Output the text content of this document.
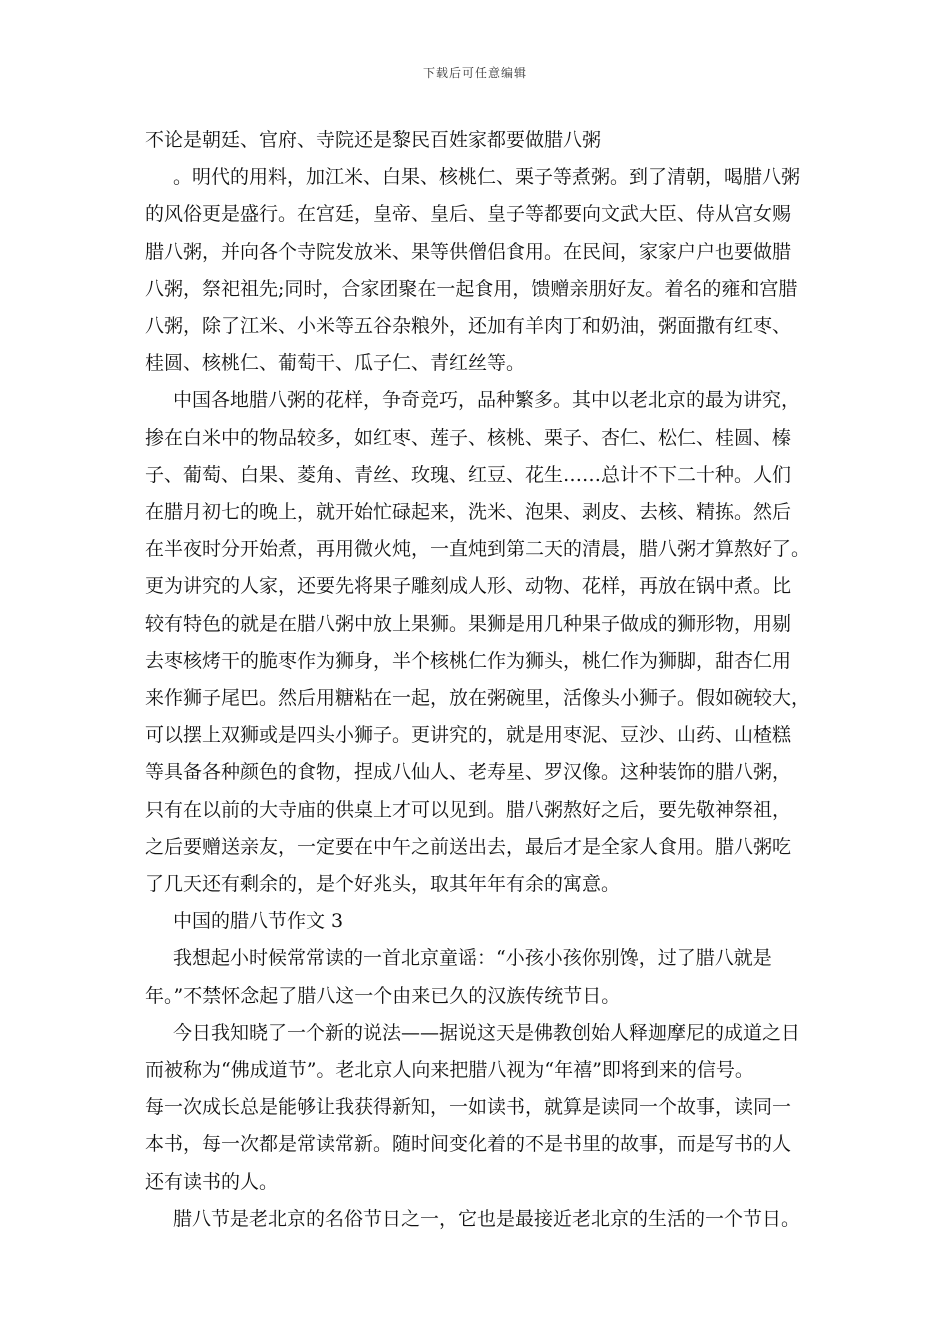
下载后可任意编辑

不论是朝廷、官府、寺院还是黎民百姓家都要做腊八粥

。明代的用料，加江米、白果、核桃仁、栗子等煮粥。到了清朝，喝腊八粥
的风俗更是盛行。在宫廷，皇帝、皇后、皇子等都要向文武大臣、侍从宫女赐
腊八粥，并向各个寺院发放米、果等供僧侣食用。在民间，家家户户也要做腊
八粥，祭祀祖先;同时，合家团聚在一起食用，馈赠亲朋好友。着名的雍和宫腊
八粥，除了江米、小米等五谷杂粮外，还加有羊肉丁和奶油，粥面撒有红枣、
桂圆、核桃仁、葡萄干、瓜子仁、青红丝等。

中国各地腊八粥的花样，争奇竞巧，品种繁多。其中以老北京的最为讲究，
掺在白米中的物品较多，如红枣、莲子、核桃、栗子、杏仁、松仁、桂圆、榛
子、葡萄、白果、菱角、青丝、玫瑰、红豆、花生……总计不下二十种。人们
在腊月初七的晚上，就开始忙碌起来，洗米、泡果、剥皮、去核、精拣。然后
在半夜时分开始煮，再用微火炖，一直炖到第二天的清晨，腊八粥才算熬好了。
更为讲究的人家，还要先将果子雕刻成人形、动物、花样，再放在锅中煮。比
较有特色的就是在腊八粥中放上果狮。果狮是用几种果子做成的狮形物，用剔
去枣核烤干的脆枣作为狮身，半个核桃仁作为狮头，桃仁作为狮脚，甜杏仁用
来作狮子尾巴。然后用糖粘在一起，放在粥碗里，活像头小狮子。假如碗较大，
可以摆上双狮或是四头小狮子。更讲究的，就是用枣泥、豆沙、山药、山楂糕
等具备各种颜色的食物，捏成八仙人、老寿星、罗汉像。这种装饰的腊八粥，
只有在以前的大寺庙的供桌上才可以见到。腊八粥熬好之后，要先敬神祭祖，
之后要赠送亲友，一定要在中午之前送出去，最后才是全家人食用。腊八粥吃
了几天还有剩余的，是个好兆头，取其年年有余的寓意。

中国的腊八节作文 3

我想起小时候常常读的一首北京童谣：“小孩小孩你别馋，过了腊八就是
年。”不禁怀念起了腊八这一个由来已久的汉族传统节日。

今日我知晓了一个新的说法——据说这天是佛教创始人释迦摩尼的成道之日
而被称为“佛成道节”。老北京人向来把腊八视为“年禧”即将到来的信号。
每一次成长总是能够让我获得新知，一如读书，就算是读同一个故事，读同一
本书，每一次都是常读常新。随时间变化着的不是书里的故事，而是写书的人
还有读书的人。

腊八节是老北京的名俗节日之一，它也是最接近老北京的生活的一个节日。
